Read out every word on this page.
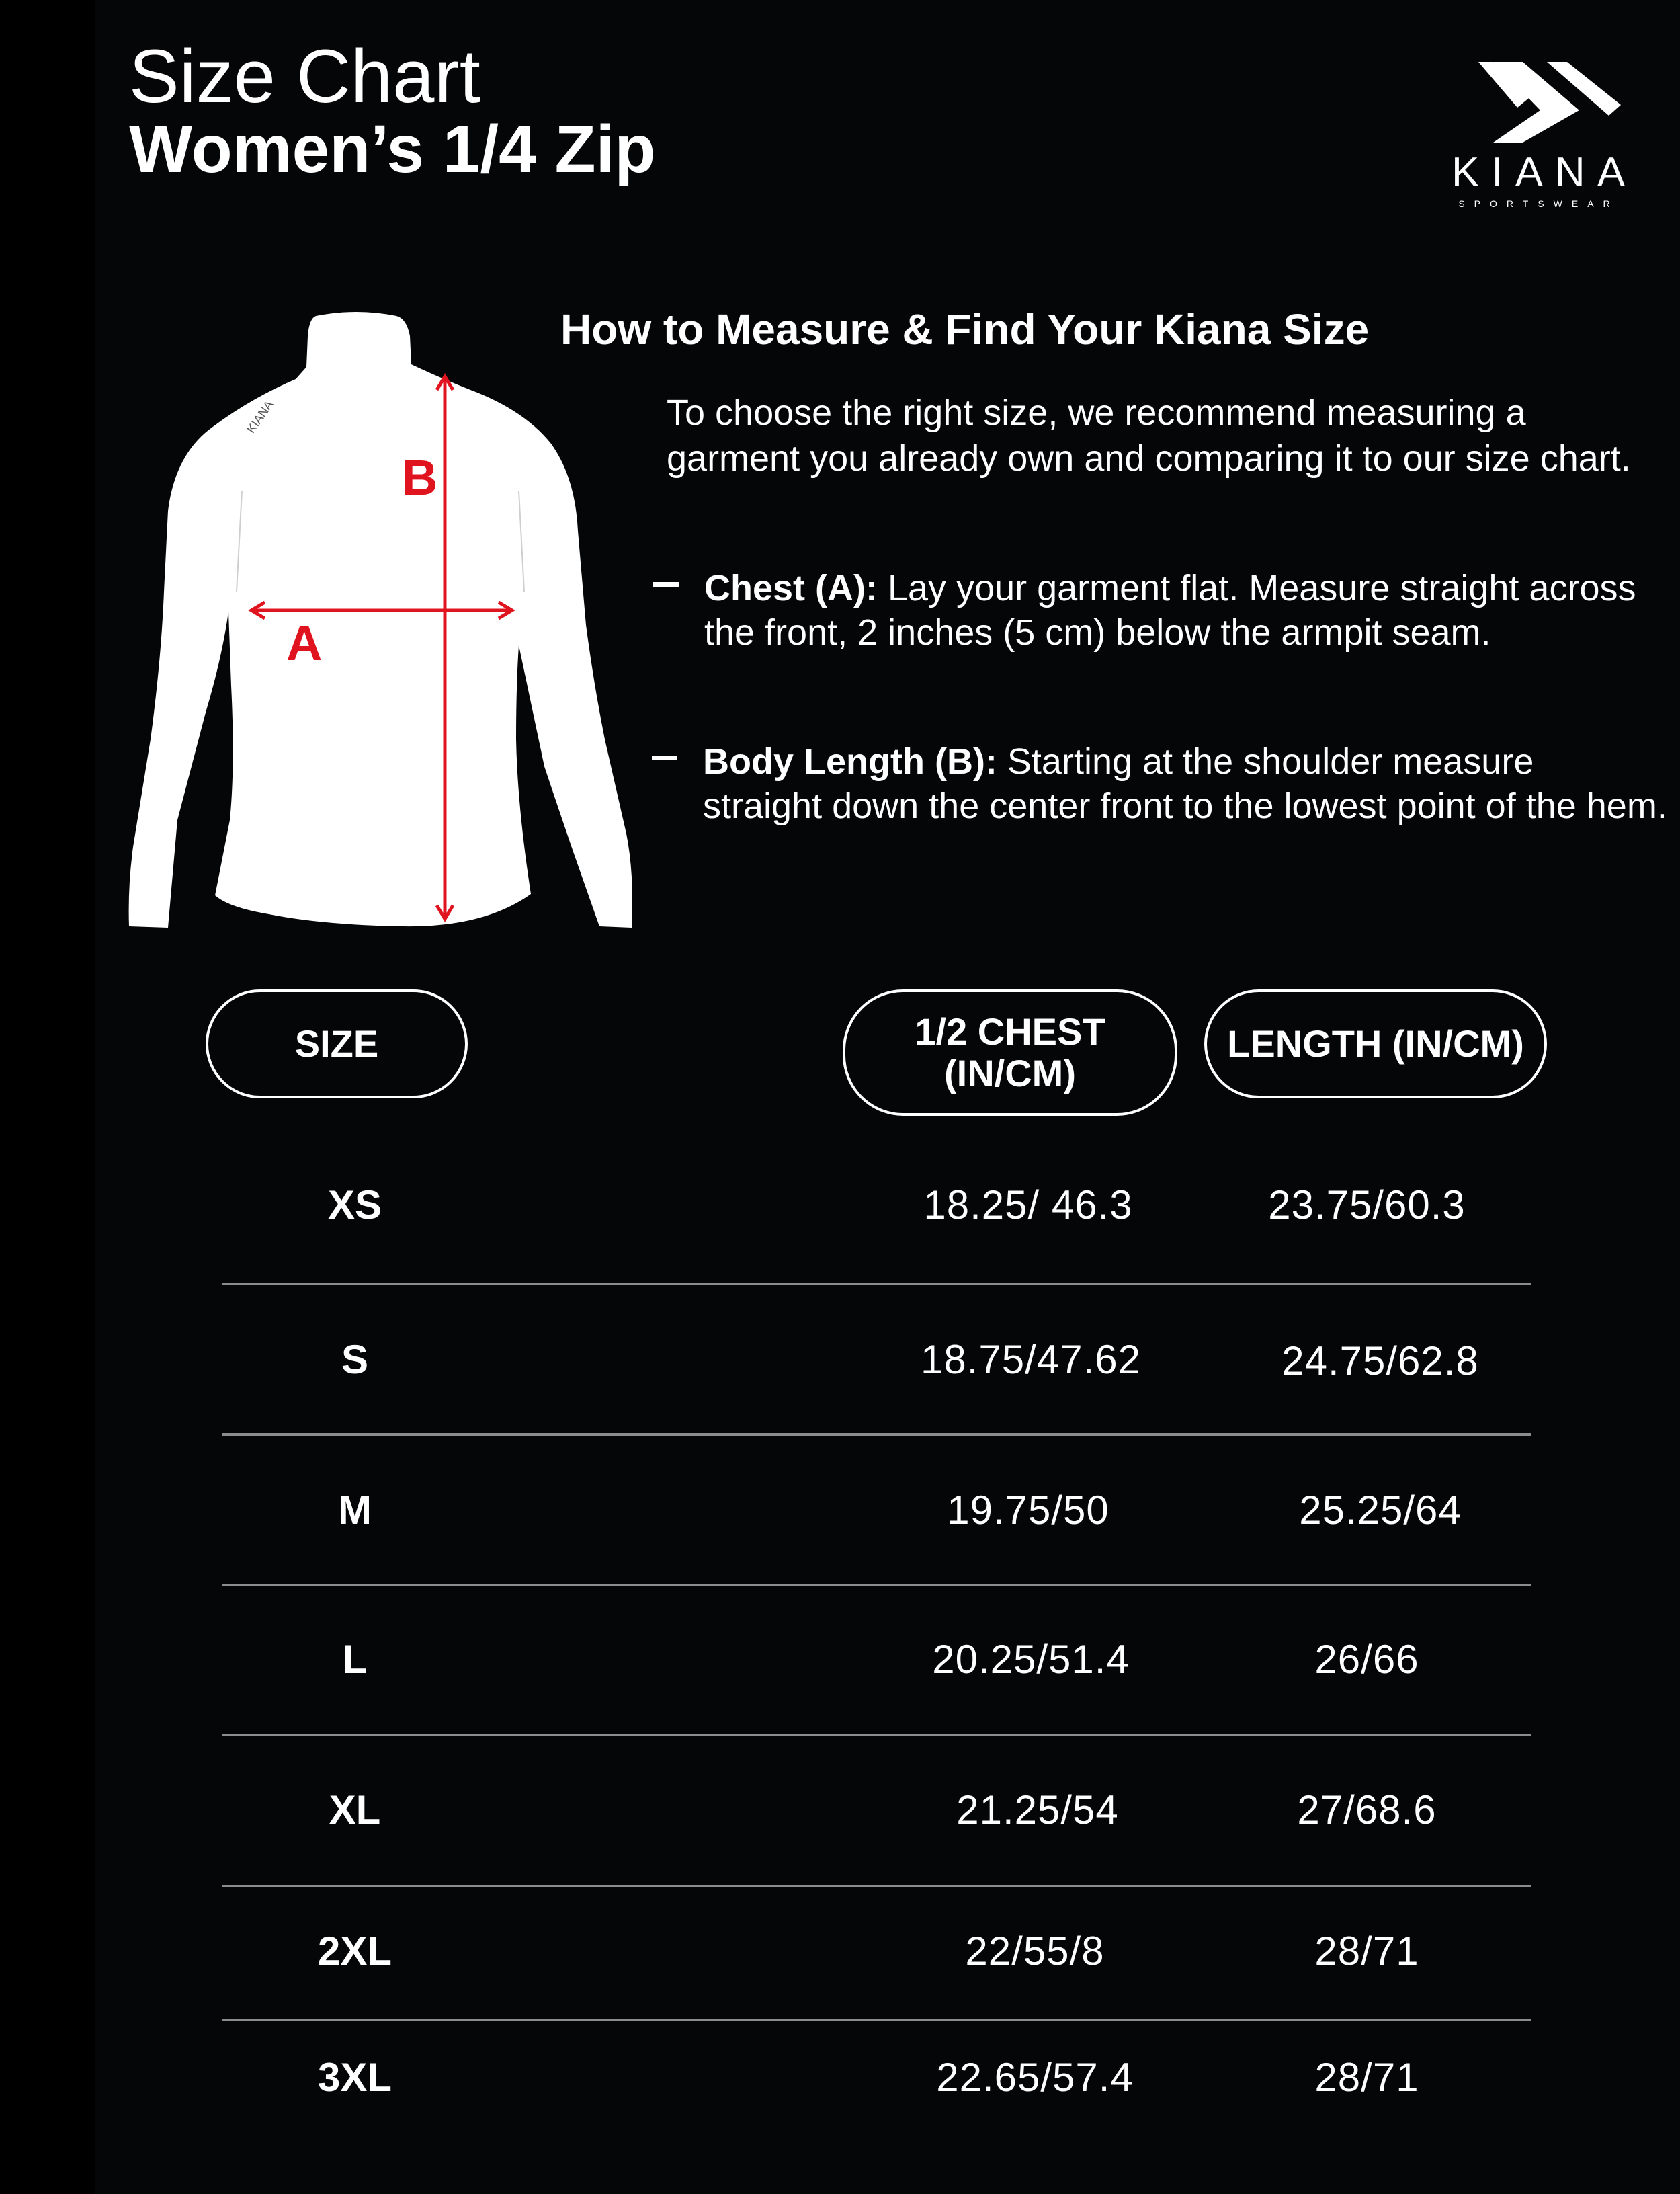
Size Chart
Women’s 1/4 Zip	KIANA
SPORTSWEAR
KIANA
B
A
How to Measure & Find Your Kiana Size
To choose the right size, we recommend measuring a
garment you already own and comparing it to our size chart.
Chest (A): Lay your garment flat. Measure straight across
the front, 2 inches (5 cm) below the armpit seam.
Body Length (B): Starting at the shoulder measure
straight down the center front to the lowest point of the hem.
SIZE	1/2 CHEST
(IN/CM)
LENGTH (IN/CM)
XS	18.25/ 46.3	23.75/60.3
S	18.75/47.62	24.75/62.8
M	19.75/50	25.25/64
L	20.25/51.4	26/66
XL	21.25/54	27/68.6
2XL	22/55/8	28/71
3XL	22.65/57.4	28/71
